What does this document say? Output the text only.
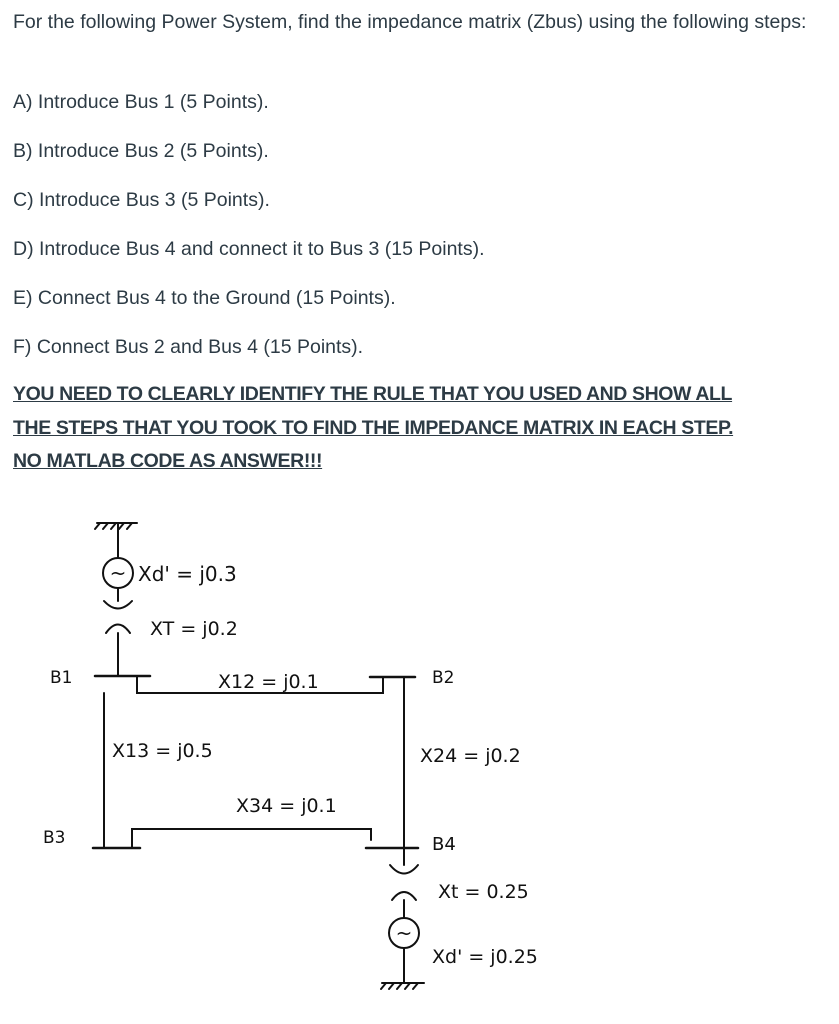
For the following Power System, find the impedance matrix (Zbus) using the following steps:

A) Introduce Bus 1 (5 Points).

B) Introduce Bus 2 (5 Points).

C) Introduce Bus 3 (5 Points).

D) Introduce Bus 4 and connect it to Bus 3 (15 Points).

E) Connect Bus 4 to the Ground (15 Points).

F) Connect Bus 2 and Bus 4 (15 Points).

YOU NEED TO CLEARLY IDENTIFY THE RULE THAT YOU USED AND SHOW ALL
THE STEPS THAT YOU TOOK TO FIND THE IMPEDANCE MATRIX IN EACH STEP.
NO MATLAB CODE AS ANSWER!!!

~
~
B1	B2
B3	B4
Xd' = j0.3
XT = j0.2
X12 = j0.1
X13 = j0.5	X24 = j0.2
X34 = j0.1
Xt = 0.25
Xd' = j0.25
